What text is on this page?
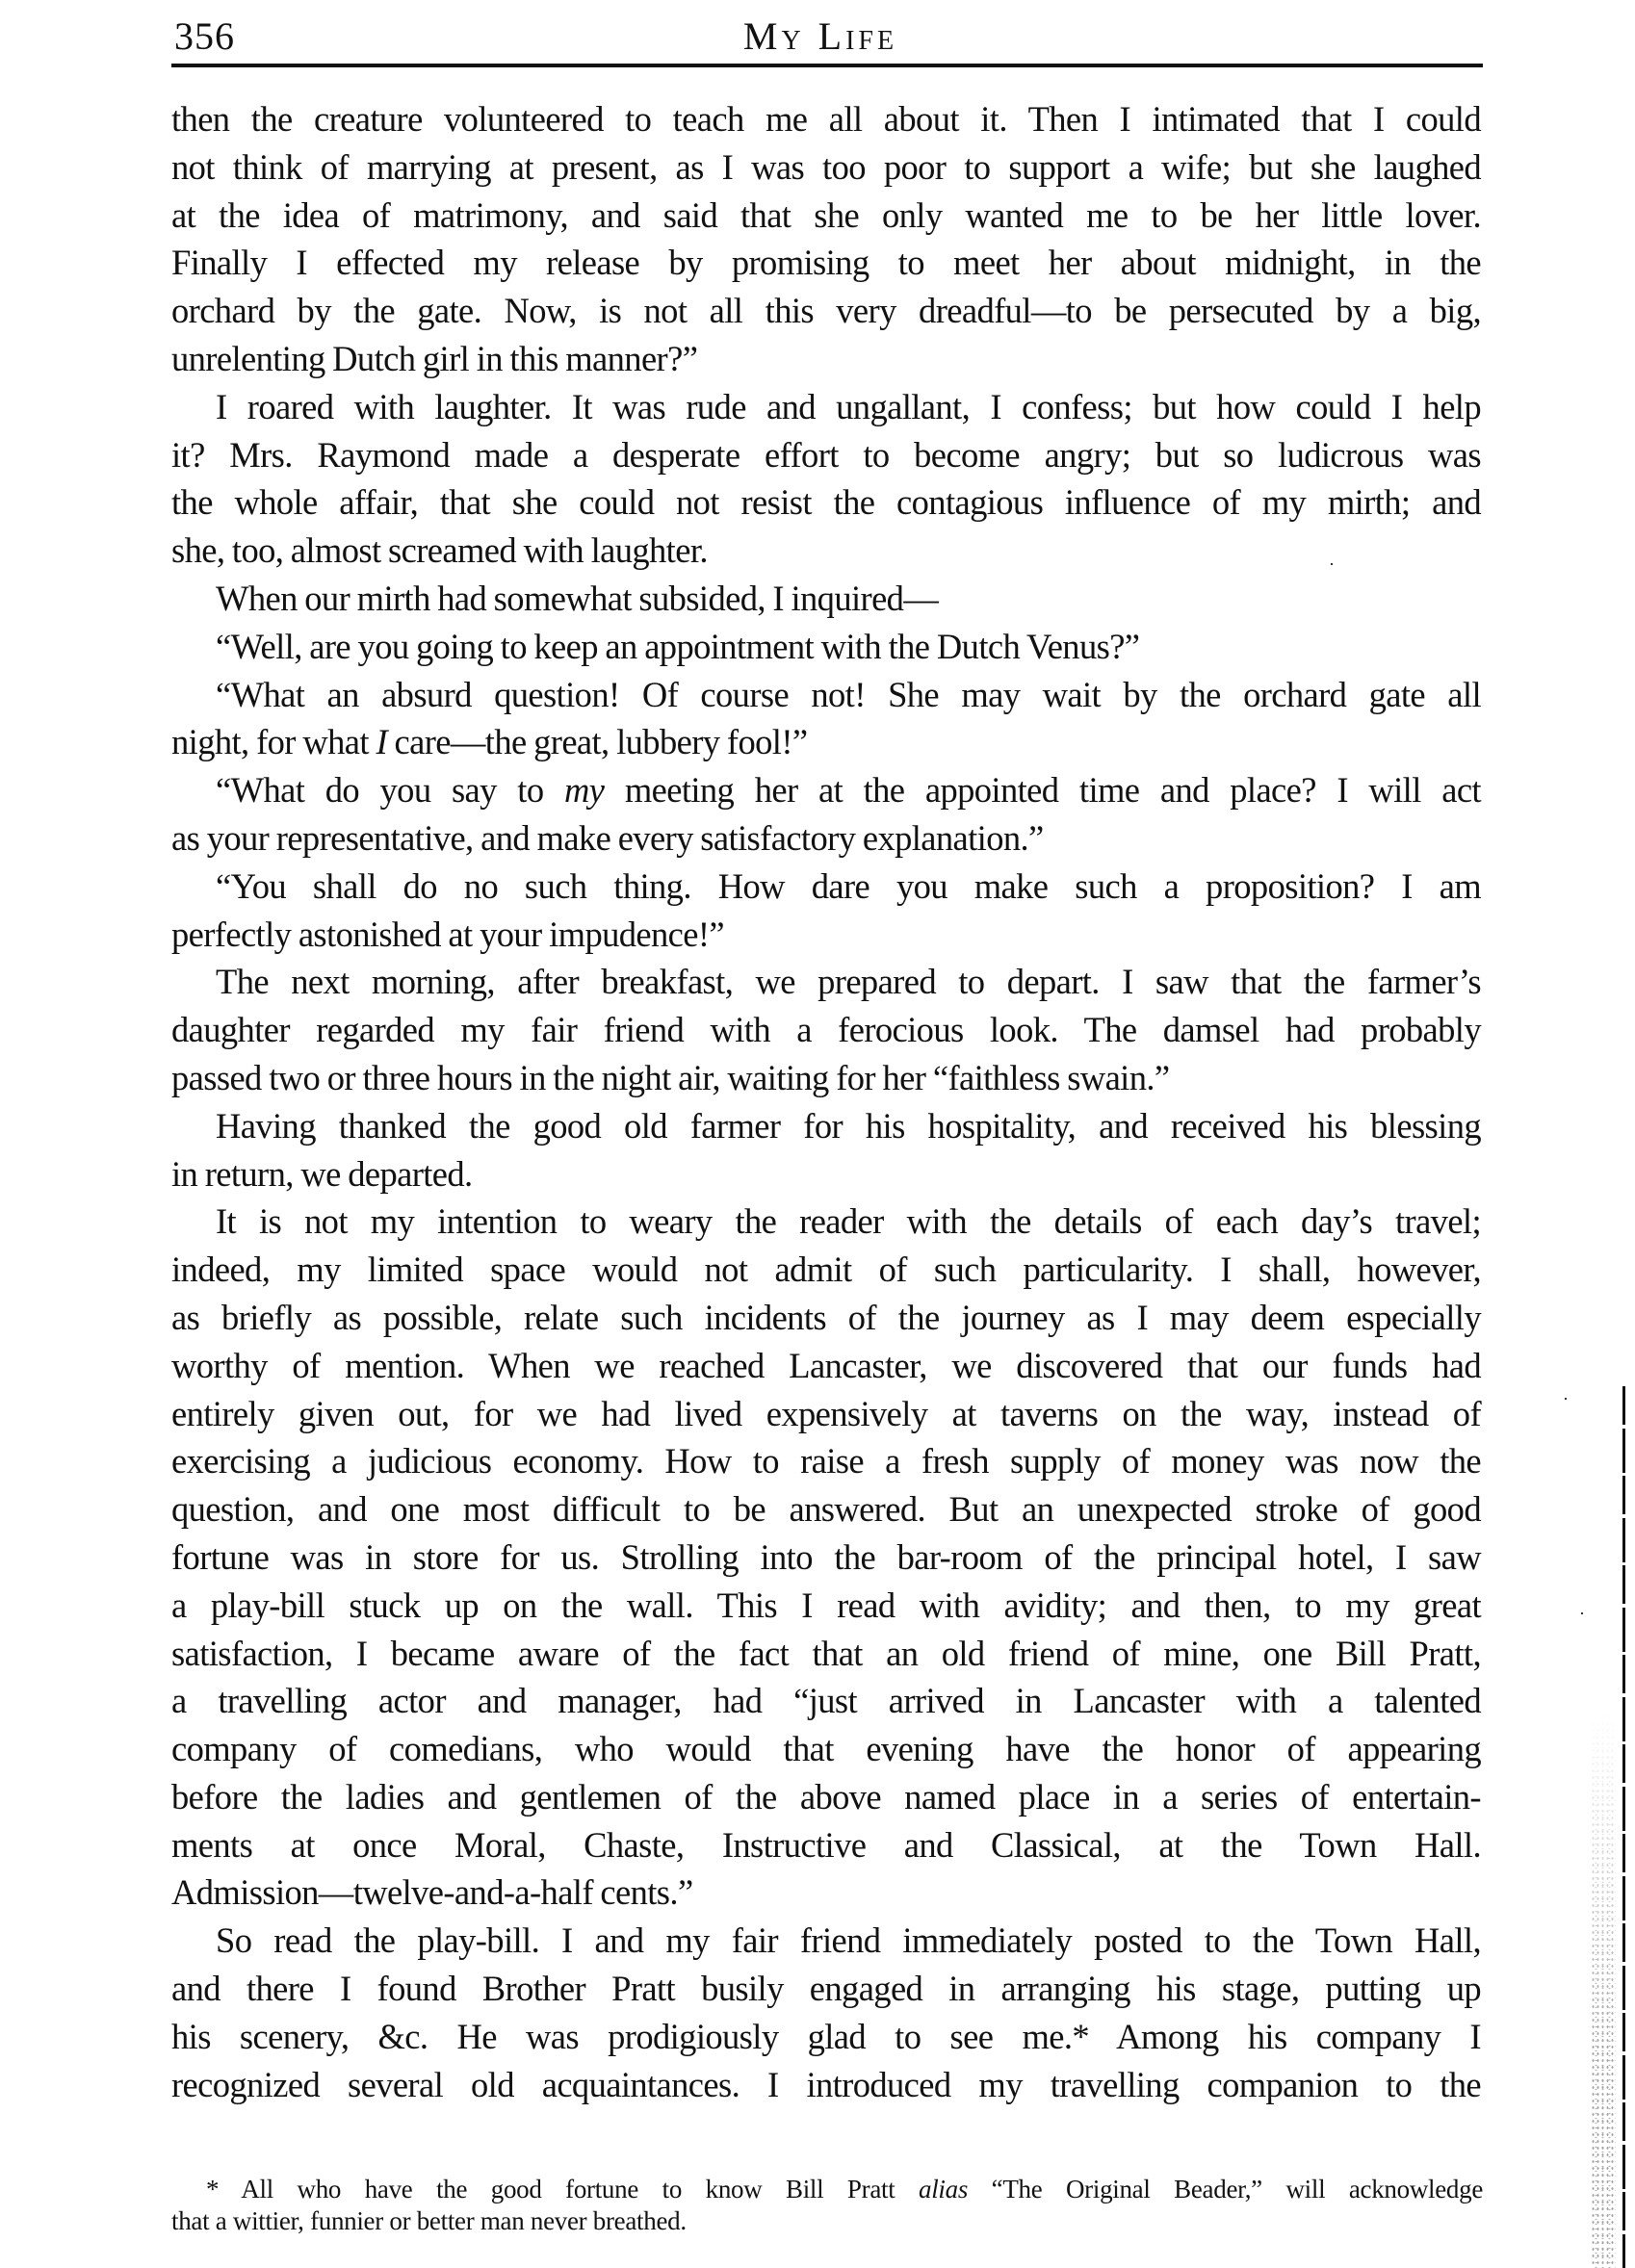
356	My Life
then the creature volunteered to teach me all about it. Then I intimated that I could
not think of marrying at present, as I was too poor to support a wife; but she laughed
at the idea of matrimony, and said that she only wanted me to be her little lover.
Finally I effected my release by promising to meet her about midnight, in the
orchard by the gate. Now, is not all this very dreadful—to be persecuted by a big,
unrelenting Dutch girl in this manner?”
I roared with laughter. It was rude and ungallant, I confess; but how could I help
it? Mrs. Raymond made a desperate effort to become angry; but so ludicrous was
the whole affair, that she could not resist the contagious influence of my mirth; and
she, too, almost screamed with laughter.
When our mirth had somewhat subsided, I inquired—
“Well, are you going to keep an appointment with the Dutch Venus?”
“What an absurd question! Of course not! She may wait by the orchard gate all
night, for what I care—the great, lubbery fool!”
“What do you say to my meeting her at the appointed time and place? I will act
as your representative, and make every satisfactory explanation.”
“You shall do no such thing. How dare you make such a proposition? I am
perfectly astonished at your impudence!”
The next morning, after breakfast, we prepared to depart. I saw that the farmer’s
daughter regarded my fair friend with a ferocious look. The damsel had probably
passed two or three hours in the night air, waiting for her “faithless swain.”
Having thanked the good old farmer for his hospitality, and received his blessing
in return, we departed.
It is not my intention to weary the reader with the details of each day’s travel;
indeed, my limited space would not admit of such particularity. I shall, however,
as briefly as possible, relate such incidents of the journey as I may deem especially
worthy of mention. When we reached Lancaster, we discovered that our funds had
entirely given out, for we had lived expensively at taverns on the way, instead of
exercising a judicious economy. How to raise a fresh supply of money was now the
question, and one most difficult to be answered. But an unexpected stroke of good
fortune was in store for us. Strolling into the bar-room of the principal hotel, I saw
a play-bill stuck up on the wall. This I read with avidity; and then, to my great
satisfaction, I became aware of the fact that an old friend of mine, one Bill Pratt,
a travelling actor and manager, had “just arrived in Lancaster with a talented
company of comedians, who would that evening have the honor of appearing
before the ladies and gentlemen of the above named place in a series of entertain-
ments at once Moral, Chaste, Instructive and Classical, at the Town Hall.
Admission—twelve-and-a-half cents.”
So read the play-bill. I and my fair friend immediately posted to the Town Hall,
and there I found Brother Pratt busily engaged in arranging his stage, putting up
his scenery, &c. He was prodigiously glad to see me.* Among his company I
recognized several old acquaintances. I introduced my travelling companion to the
* All who have the good fortune to know Bill Pratt alias “The Original Beader,” will acknowledge
that a wittier, funnier or better man never breathed.
